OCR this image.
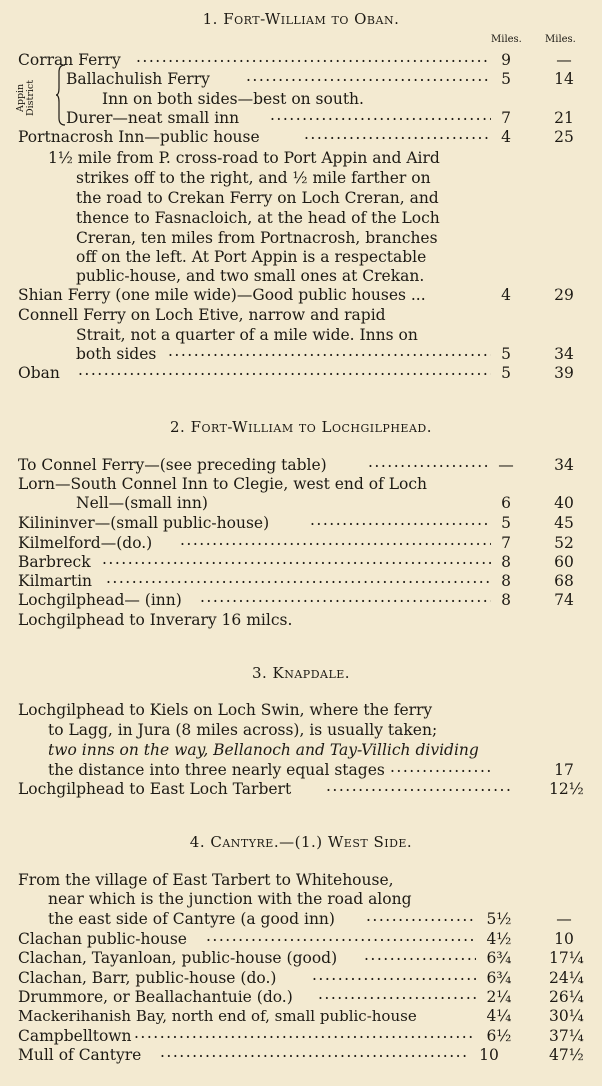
1. Fort-William to Oban.
Miles. Miles.
Corran Ferry .....	9	—
Appin District
Ballachulish Ferry .....	5	14
Inn on both sides—best on south.
Durer—neat small inn .....	7	21
Portnacrosh Inn—public house .....	4	25
1½ mile from P. cross-road to Port Appin and Aird
strikes off to the right, and ½ mile farther on
the road to Crekan Ferry on Loch Creran, and
thence to Fasnacloich, at the head of the Loch
Creran, ten miles from Portnacrosh, branches
off on the left. At Port Appin is a respectable
public-house, and two small ones at Crekan.
Shian Ferry (one mile wide)—Good public houses ...	4	29
Connell Ferry on Loch Etive, narrow and rapid
Strait, not a quarter of a mile wide. Inns on
both sides .....	5	34
Oban .....	5	39
2. Fort-William to Lochgilphead.
To Connel Ferry—(see preceding table) .....	—	34
Lorn—South Connel Inn to Clegie, west end of Loch
Nell—(small inn)	6	40
Kilininver—(small public-house) .....	5	45
Kilmelford—(do.) .....	7	52
Barbreck .....	8	60
Kilmartin .....	8	68
Lochgilphead— (inn) .....	8	74
Lochgilphead to Inverary 16 milcs.
3. Knapdale.
Lochgilphead to Kiels on Loch Swin, where the ferry
to Lagg, in Jura (8 miles across), is usually taken;
two inns on the way, Bellanoch and Tay-Villich dividing
the distance into three nearly equal stages .....	17
Lochgilphead to East Loch Tarbert .....	12½
4. Cantyre.—(1.) West Side.
From the village of East Tarbert to Whitehouse,
near which is the junction with the road along
the east side of Cantyre (a good inn) .....	5½	—
Clachan public-house .....	4½	10
Clachan, Tayanloan, public-house (good) .....	6¾ 17¼
Clachan, Barr, public-house (do.) .....	6¾ 24¼
Drummore, or Beallachantuie (do.) .....	2¼ 26¼
Mackerihanish Bay, north end of, small public-house	4¼ 30¼
Campbelltown .....	6½ 37¼
Mull of Cantyre .....	10	47½
